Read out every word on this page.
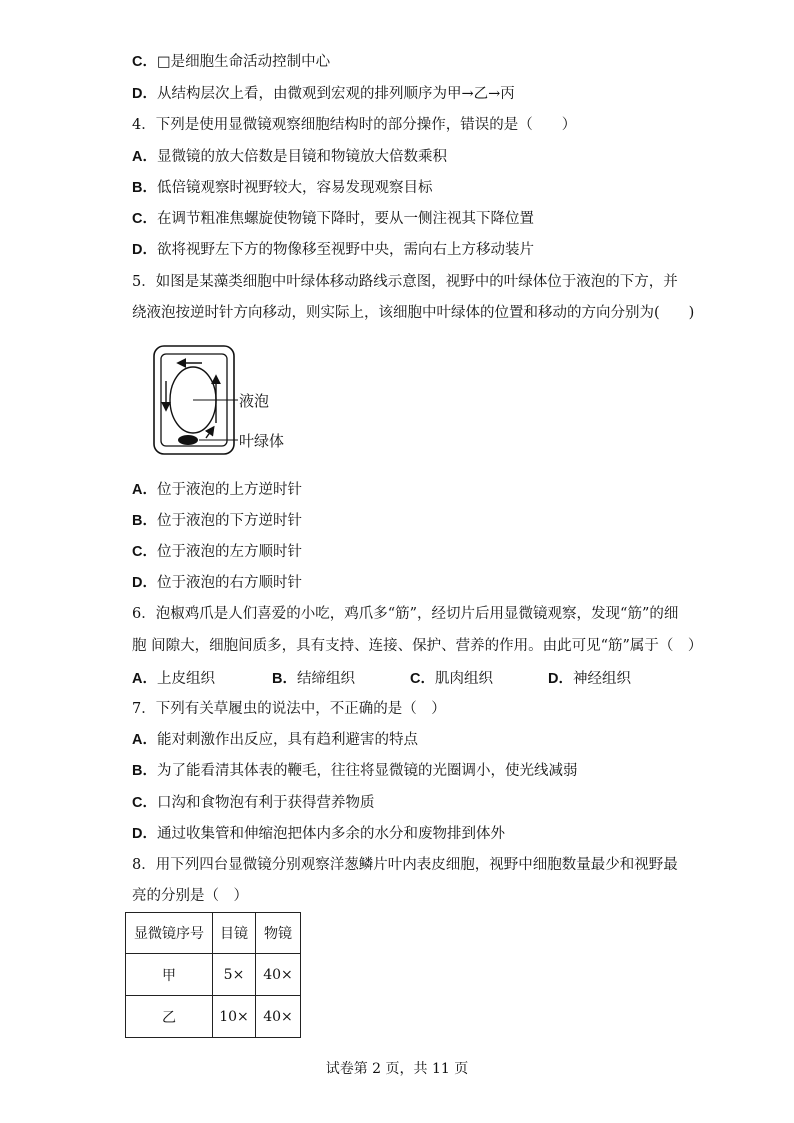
C．□是细胞生命活动控制中心
D．从结构层次上看，由微观到宏观的排列顺序为甲→乙→丙
4．下列是使用显微镜观察细胞结构时的部分操作，错误的是（　　）
A．显微镜的放大倍数是目镜和物镜放大倍数乘积
B．低倍镜观察时视野较大，容易发现观察目标
C．在调节粗准焦螺旋使物镜下降时，要从一侧注视其下降位置
D．欲将视野左下方的物像移至视野中央，需向右上方移动装片
5．如图是某藻类细胞中叶绿体移动路线示意图，视野中的叶绿体位于液泡的下方，并
绕液泡按逆时针方向移动，则实际上，该细胞中叶绿体的位置和移动的方向分别为(　　)
液泡
叶绿体
A．位于液泡的上方逆时针
B．位于液泡的下方逆时针
C．位于液泡的左方顺时针
D．位于液泡的右方顺时针
6．泡椒鸡爪是人们喜爱的小吃，鸡爪多“筋”，经切片后用显微镜观察，发现“筋”的细
胞 间隙大，细胞间质多，具有支持、连接、保护、营养的作用。由此可见“筋”属于（　）
A．上皮组织	B．结缔组织	C．肌肉组织	D．神经组织
7．下列有关草履虫的说法中，不正确的是（　）
A．能对刺激作出反应，具有趋利避害的特点
B．为了能看清其体表的鞭毛，往往将显微镜的光圈调小，使光线减弱
C．口沟和食物泡有利于获得营养物质
D．通过收集管和伸缩泡把体内多余的水分和废物排到体外
8．用下列四台显微镜分别观察洋葱鳞片叶内表皮细胞，视野中细胞数量最少和视野最
亮的分别是（　）
显微镜序号	目镜	物镜
甲	5×	40×
乙	10×	40×
试卷第 2 页，共 11 页
